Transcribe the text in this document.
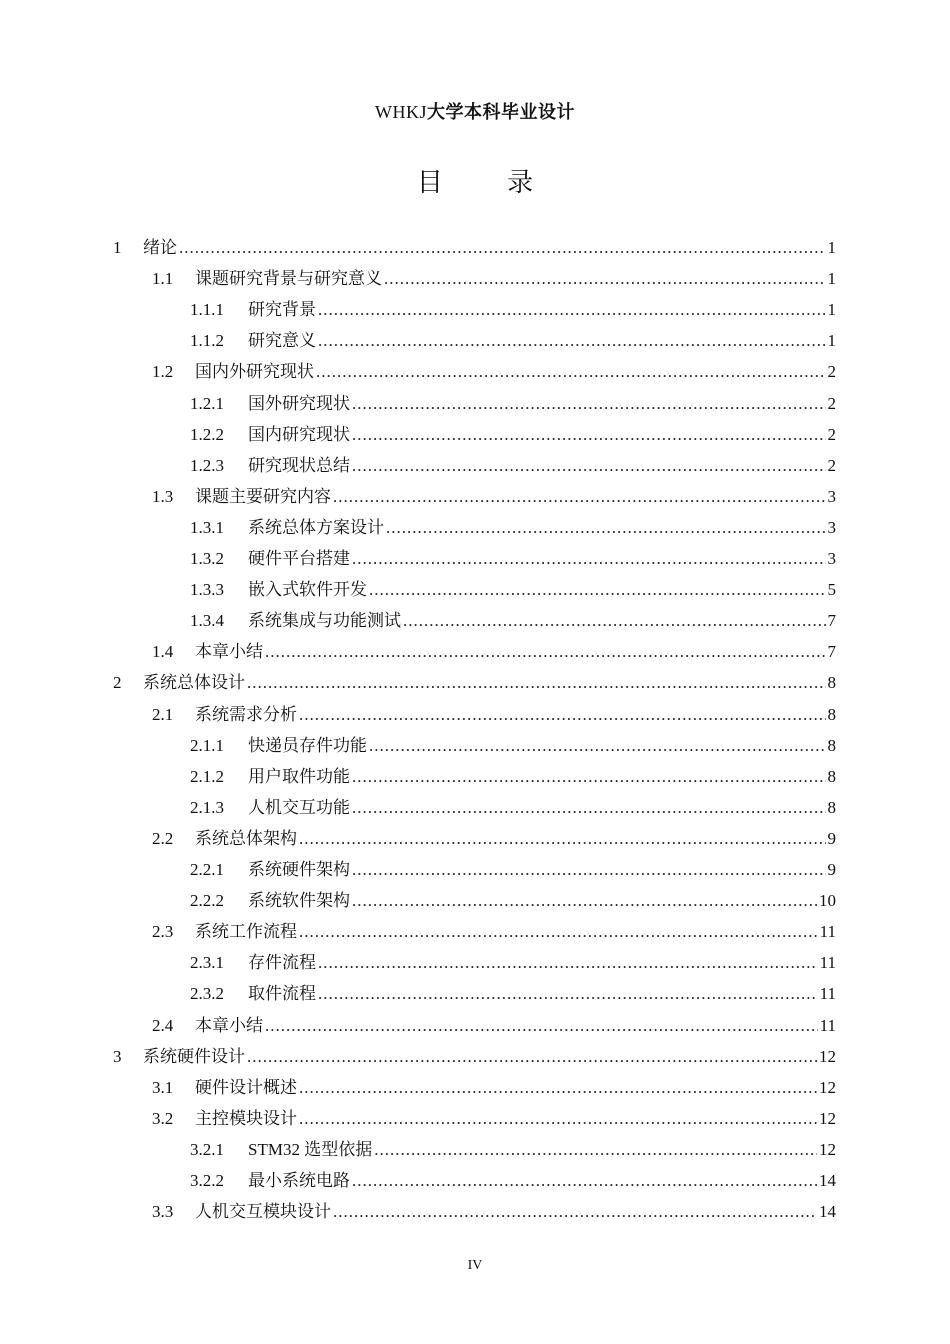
WHKJ大学本科毕业设计
目 录
1	绪论 .....	1
1.1	课题研究背景与研究意义 .....	1
1.1.1	研究背景 .....	1
1.1.2	研究意义 .....	1
1.2	国内外研究现状 .....	2
1.2.1	国外研究现状 .....	2
1.2.2	国内研究现状 .....	2
1.2.3	研究现状总结 .....	2
1.3	课题主要研究内容 .....	3
1.3.1	系统总体方案设计 .....	3
1.3.2	硬件平台搭建 .....	3
1.3.3	嵌入式软件开发 .....	5
1.3.4	系统集成与功能测试 .....	7
1.4	本章小结 .....	7
2	系统总体设计 .....	8
2.1	系统需求分析 .....	8
2.1.1	快递员存件功能 .....	8
2.1.2	用户取件功能 .....	8
2.1.3	人机交互功能 .....	8
2.2	系统总体架构 .....	9
2.2.1	系统硬件架构 .....	9
2.2.2	系统软件架构 .....	10
2.3	系统工作流程 .....	11
2.3.1	存件流程 .....	11
2.3.2	取件流程 .....	11
2.4	本章小结 .....	11
3	系统硬件设计 .....	12
3.1	硬件设计概述 .....	12
3.2	主控模块设计 .....	12
3.2.1	STM32 选型依据 .....	12
3.2.2	最小系统电路 .....	14
3.3	人机交互模块设计 .....	14
IV
